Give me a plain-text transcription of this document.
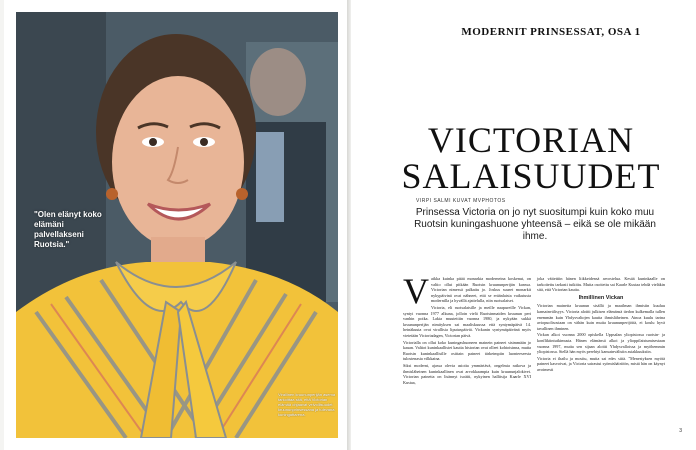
"Olen elänyt koko elämäni palvellakseni Ruotsia."
Virallinen kruununperijän asema tarkoittaa sitä, että Victorian elämää ohjaavat velvollisuudet kruununprinsessana ja tulevana kuningattarena.
MODERNIT PRINSESSAT, OSA 1
VICTORIAN
SALAISUUDET
VIRPI SALMI KUVAT MVPHOTOS
Prinsessa Victoria on jo nyt suositumpi kuin koko muu Ruotsin kuningashuone yhteensä – eikä se ole mikään ihme.

Vaikka kuinka pitää monarkia moderneina koskenut, on valtio ollut pitkään Ruotsin kruununperijän kanssa. Victorian nimessä palkattu jo. Joskus suuret monarkit nykypäivinä ovat nähneet, että se eräänlaista vaikutusta modernilla ja hyvällä ajattelulla, niin ruotsalaiset.

Victoria, eli ruotsalaisille ja meille naapureille Vickan, syntyi vuonna 1977 alkuna, jolloin vielä Ruotsinmaiden kruunun peri vanhin poika. Lakia muutettiin vuonna 1980, ja nykyään sukkä kruununperijän nimityksen sai maaliskuussa että syntymäpäivä 14. heinäkuuta ovat virallisia liputuspäiviä. Vickanin syntymäpäivänä myös vietetään Victoriadagen, Victorian päivä.

Victorialla on ollut koko kuningashuoneen mainein paineet sisimmään jo kauan. Valtiot kuninkaallistet kautta historian ovat olleet kohtoisinna, mutta Ruotsin kuninkaallisille osittain paineet tärkeimpiin luonteeseesta tulostenasia vilkkaina.

Siksi moderni, ajassa olevia asioita ymmärtävä, ongelmia ratkova ja ihmisläheinen kuninkaallinen ovat arvokkaampia kuin kruununjalokivet. Victorian painetta on lisännyt isoäiti, nykyinen hallitsija Kaarle XVI Kustaa,

joka väitettiin hänen liikkeidensä arvostelua. Kesää kuninkaalle on tarkoitettu tarkasti tutkittu. Mutta osoitettu sai Kaarle Kustaa tehdä vieläkin sitä, että Victorian kautta.

Ihmillinen Vickan

Victorian mainetta kruunun sisällä ja maailman ihmisiin kuuluu kansainvälisyys. Victoria aloitti julkisen elämänsä tiedon kulkemalla tullen enemmän kuin Yhdysvaltojen kautta ihmisläheinen. Ainoa kuulu tarina aviopuolisostaan on vähän kuin muita kruununperijöitä, ei koulu hyvä tavallinen ihminen.

Vickan alkoi vuonna 2000 opiskella Uppsalan yliopistossa ruotsin- ja konfliktintutkimusta. Hänen elämänsä alkoi ja ylioppilaistumisestaan vuonna 1997, mutta sen sijaan aloitti Yhdysvalloissa ja myöhemmin yliopistossa. Siellä hän myös perehtyi kansainvälisiin asiakkuuksiin.

Victoria ei ihailu ja mositu, mutta sai edes siitä. "Menestyksen myötä paineet kasvoivat, ja Victoria sairastui syömishäiriöön, mistä hän on käynyt avoimesti

3
